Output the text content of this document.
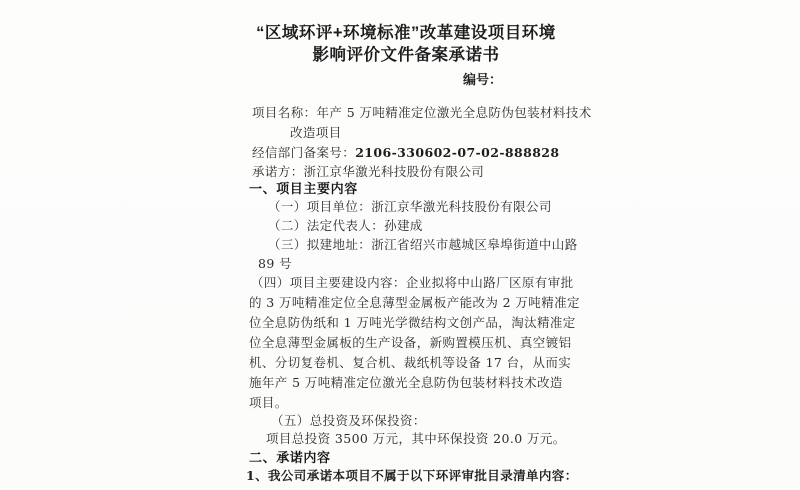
“区域环评+环境标准”改革建设项目环境
影响评价文件备案承诺书
编号：
项目名称：年产 5 万吨精准定位激光全息防伪包装材料技术
改造项目
经信部门备案号：2106-330602-07-02-888828
承诺方：浙江京华激光科技股份有限公司
一、项目主要内容
（一）项目单位：浙江京华激光科技股份有限公司
（二）法定代表人：孙建成
（三）拟建地址：浙江省绍兴市越城区皋埠街道中山路
89 号
（四）项目主要建设内容：企业拟将中山路厂区原有审批
的 3 万吨精准定位全息薄型金属板产能改为 2 万吨精准定
位全息防伪纸和 1 万吨光学微结构文创产品，淘汰精准定
位全息薄型金属板的生产设备，新购置模压机、真空镀铝
机、分切复卷机、复合机、裁纸机等设备 17 台，从而实
施年产 5 万吨精准定位激光全息防伪包装材料技术改造
项目。
（五）总投资及环保投资：
项目总投资 3500 万元，其中环保投资 20.0 万元。
二、承诺内容
1、我公司承诺本项目不属于以下环评审批目录清单内容：
